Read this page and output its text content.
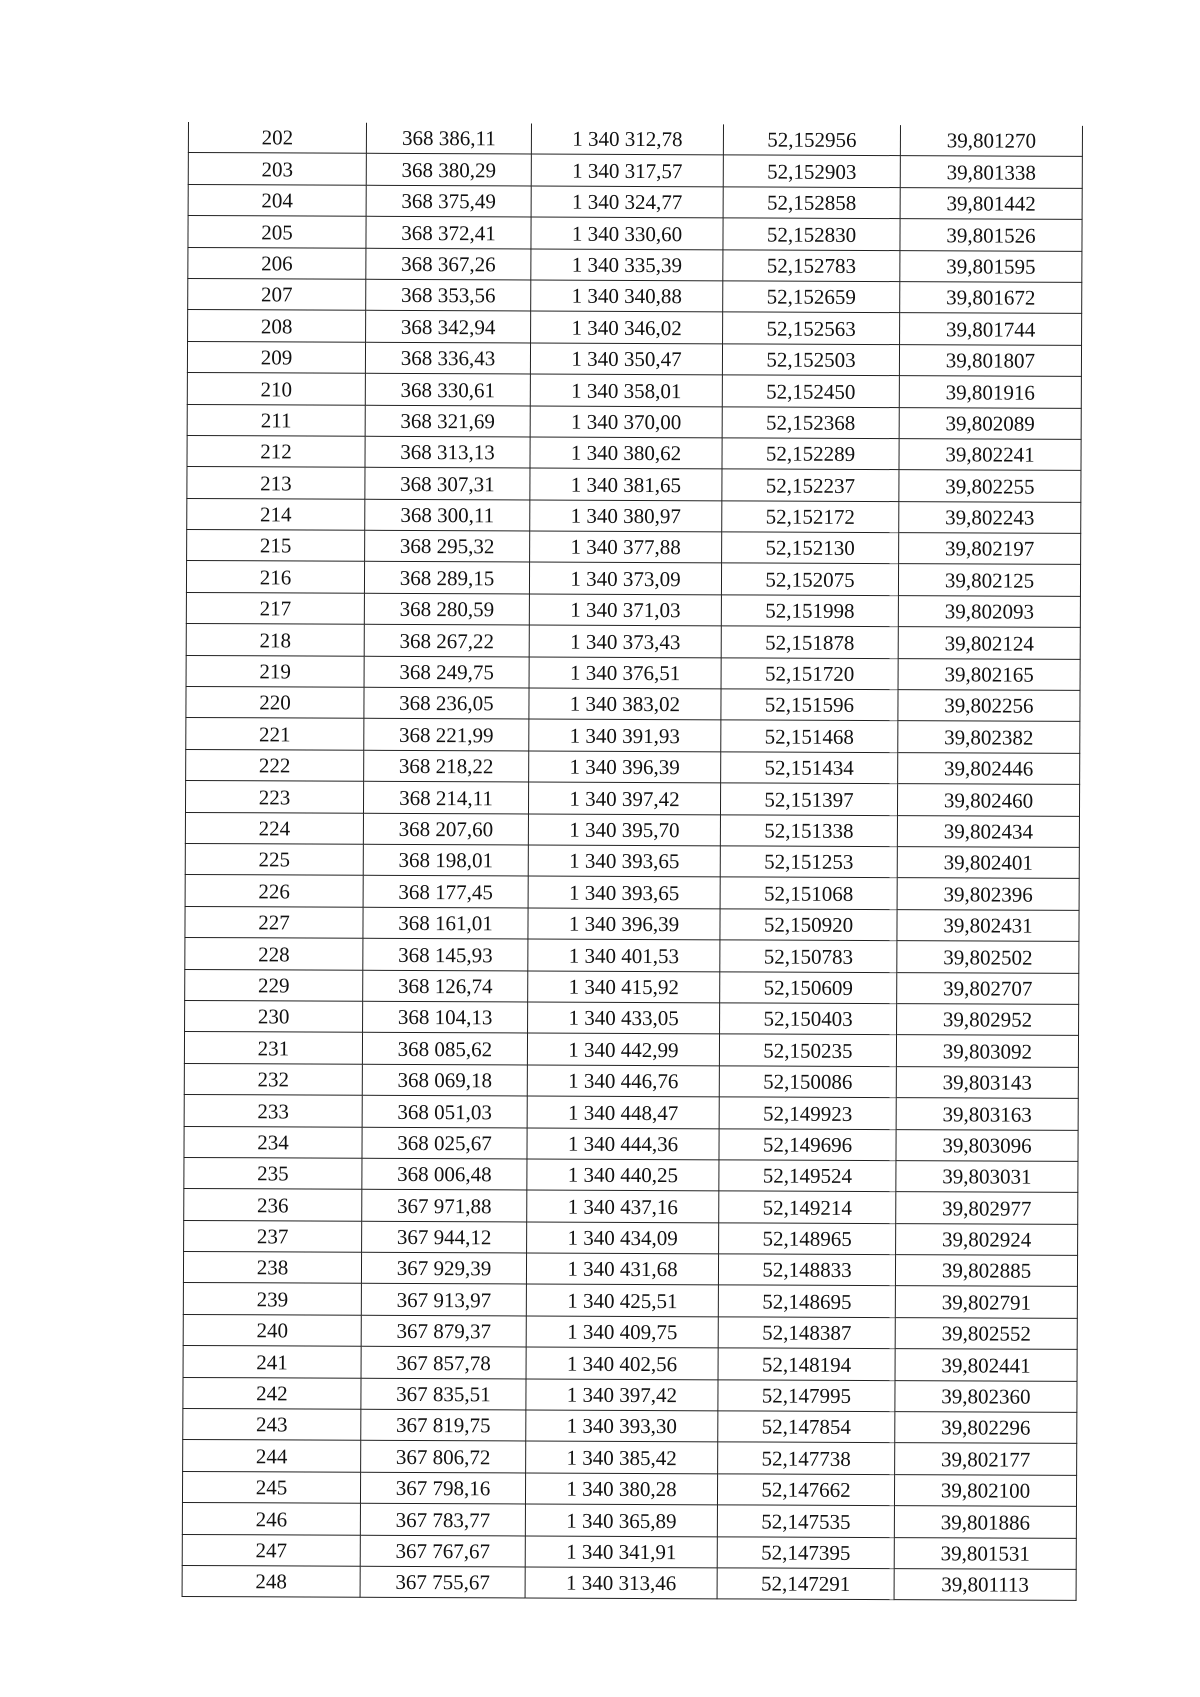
202	368 386,11	1 340 312,78	52,152956	39,801270
203	368 380,29	1 340 317,57	52,152903	39,801338
204	368 375,49	1 340 324,77	52,152858	39,801442
205	368 372,41	1 340 330,60	52,152830	39,801526
206	368 367,26	1 340 335,39	52,152783	39,801595
207	368 353,56	1 340 340,88	52,152659	39,801672
208	368 342,94	1 340 346,02	52,152563	39,801744
209	368 336,43	1 340 350,47	52,152503	39,801807
210	368 330,61	1 340 358,01	52,152450	39,801916
211	368 321,69	1 340 370,00	52,152368	39,802089
212	368 313,13	1 340 380,62	52,152289	39,802241
213	368 307,31	1 340 381,65	52,152237	39,802255
214	368 300,11	1 340 380,97	52,152172	39,802243
215	368 295,32	1 340 377,88	52,152130	39,802197
216	368 289,15	1 340 373,09	52,152075	39,802125
217	368 280,59	1 340 371,03	52,151998	39,802093
218	368 267,22	1 340 373,43	52,151878	39,802124
219	368 249,75	1 340 376,51	52,151720	39,802165
220	368 236,05	1 340 383,02	52,151596	39,802256
221	368 221,99	1 340 391,93	52,151468	39,802382
222	368 218,22	1 340 396,39	52,151434	39,802446
223	368 214,11	1 340 397,42	52,151397	39,802460
224	368 207,60	1 340 395,70	52,151338	39,802434
225	368 198,01	1 340 393,65	52,151253	39,802401
226	368 177,45	1 340 393,65	52,151068	39,802396
227	368 161,01	1 340 396,39	52,150920	39,802431
228	368 145,93	1 340 401,53	52,150783	39,802502
229	368 126,74	1 340 415,92	52,150609	39,802707
230	368 104,13	1 340 433,05	52,150403	39,802952
231	368 085,62	1 340 442,99	52,150235	39,803092
232	368 069,18	1 340 446,76	52,150086	39,803143
233	368 051,03	1 340 448,47	52,149923	39,803163
234	368 025,67	1 340 444,36	52,149696	39,803096
235	368 006,48	1 340 440,25	52,149524	39,803031
236	367 971,88	1 340 437,16	52,149214	39,802977
237	367 944,12	1 340 434,09	52,148965	39,802924
238	367 929,39	1 340 431,68	52,148833	39,802885
239	367 913,97	1 340 425,51	52,148695	39,802791
240	367 879,37	1 340 409,75	52,148387	39,802552
241	367 857,78	1 340 402,56	52,148194	39,802441
242	367 835,51	1 340 397,42	52,147995	39,802360
243	367 819,75	1 340 393,30	52,147854	39,802296
244	367 806,72	1 340 385,42	52,147738	39,802177
245	367 798,16	1 340 380,28	52,147662	39,802100
246	367 783,77	1 340 365,89	52,147535	39,801886
247	367 767,67	1 340 341,91	52,147395	39,801531
248	367 755,67	1 340 313,46	52,147291	39,801113
